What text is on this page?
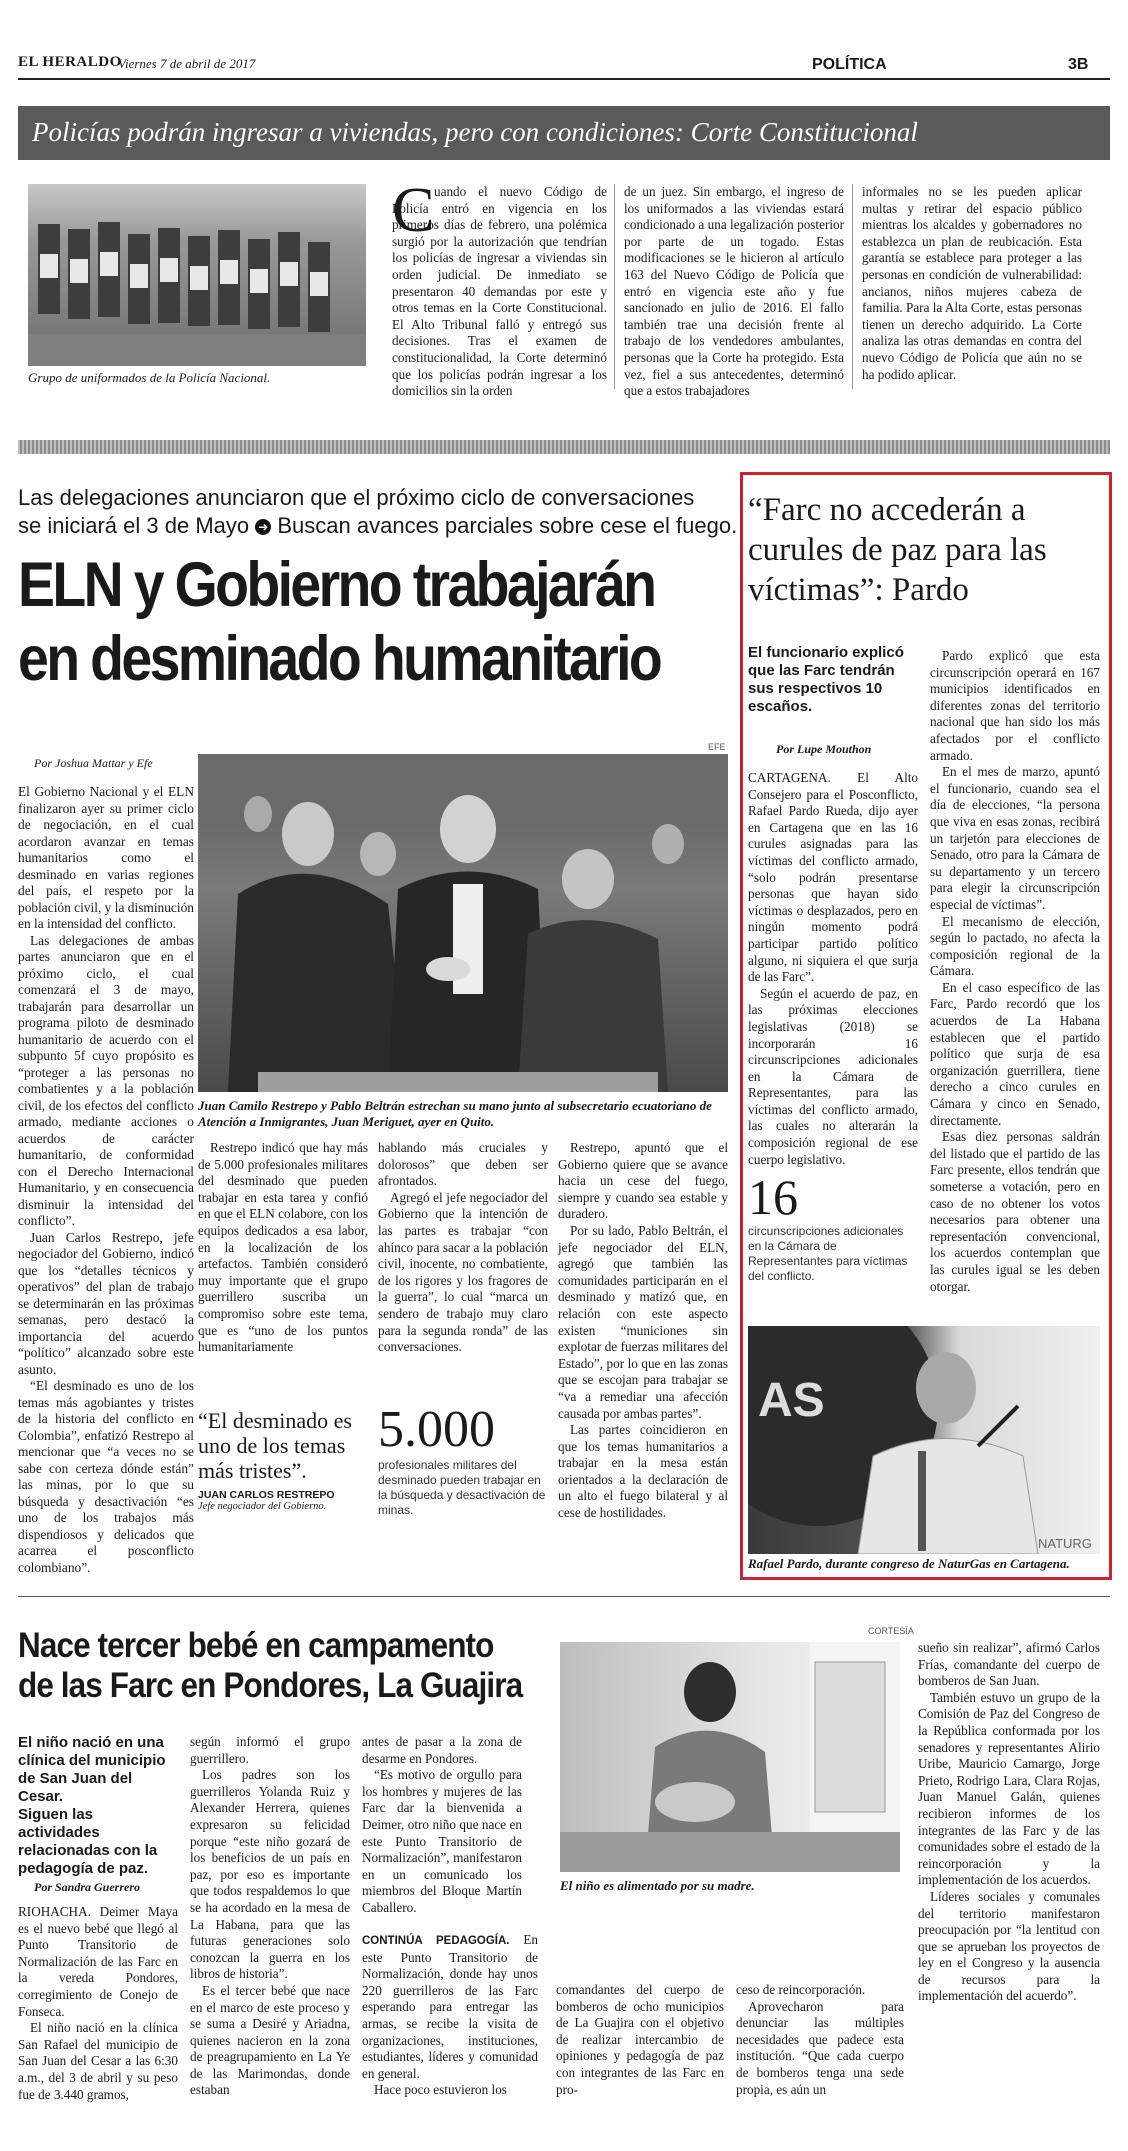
EL HERALDO
Viernes 7 de abril de 2017	POLÍTICA	3B
Policías podrán ingresar a viviendas, pero con condiciones: Corte Constitucional
Grupo de uniformados de la Policía Nacional.
C uando el nuevo Código de Policía entró en vigencia en los primeros días de febrero, una polémica surgió por la autorización que tendrían los policías de ingresar a viviendas sin orden judicial. De inmediato se presentaron 40 demandas por este y otros temas en la Corte Constitucional. El Alto Tribunal falló y entregó sus decisiones. Tras el examen de constitucionalidad, la Corte determinó que los policías podrán ingresar a los domicilios sin la orden
de un juez. Sin embargo, el ingreso de los uniformados a las viviendas estará condicionado a una legalización posterior por parte de un togado. Estas modificaciones se le hicieron al artículo 163 del Nuevo Código de Policía que entró en vigencia este año y fue sancionado en julio de 2016. El fallo también trae una decisión frente al trabajo de los vendedores ambulantes, personas que la Corte ha protegido. Esta vez, fiel a sus antecedentes, determinó que a estos trabajadores
informales no se les pueden aplicar multas y retirar del espacio público mientras los alcaldes y gobernadores no establezca un plan de reubicación. Esta garantía se establece para proteger a las personas en condición de vulnerabilidad: ancianos, niños mujeres cabeza de familia. Para la Alta Corte, estas personas tienen un derecho adquirido. La Corte analiza las otras demandas en contra del nuevo Código de Policía que aún no se ha podido aplicar.
Las delegaciones anunciaron que el próximo ciclo de conversaciones
se iniciará el 3 de Mayo ➜ Buscan avances parciales sobre cese el fuego.
ELN y Gobierno trabajarán
en desminado humanitario
Por Joshua Mattar y Efe
EFE

El Gobierno Nacional y el ELN finalizaron ayer su primer ciclo de negociación, en el cual acordaron avanzar en temas humanitarios como el desminado en varias regiones del país, el respeto por la población civil, y la disminución en la intensidad del conflicto.

Las delegaciones de ambas partes anunciaron que en el próximo ciclo, el cual comenzará el 3 de mayo, trabajarán para desarrollar un programa piloto de desminado humanitario de acuerdo con el subpunto 5f cuyo propósito es “proteger a las personas no combatientes y a la población civil, de los efectos del conflicto armado, mediante acciones o acuerdos de carácter humanitario, de conformidad con el Derecho Internacional Humanitario, y en consecuencia disminuir la intensidad del conflicto”.

Juan Carlos Restrepo, jefe negociador del Gobierno, indicó que los “detalles técnicos y operativos” del plan de trabajo se determinarán en las próximas semanas, pero destacó la importancia del acuerdo “político” alcanzado sobre este asunto.

“El desminado es uno de los temas más agobiantes y tristes de la historia del conflicto en Colombia”, enfatizó Restrepo al mencionar que “a veces no se sabe con certeza dónde están” las minas, por lo que su búsqueda y desactivación “es uno de los trabajos más dispendiosos y delicados que acarrea el posconflicto colombiano”.

Juan Camilo Restrepo y Pablo Beltrán estrechan su mano junto al subsecretario ecuatoriano de Atención a Inmigrantes, Juan Meriguet, ayer en Quito.

Restrepo indicó que hay más de 5.000 profesionales militares del desminado que pueden trabajar en esta tarea y confió en que el ELN colabore, con los equipos dedicados a esa labor, en la localización de los artefactos. También consideró muy importante que el grupo guerrillero suscriba un compromiso sobre este tema, que es “uno de los puntos humanitariamente

hablando más cruciales y dolorosos” que deben ser afrontados.

Agregó el jefe negociador del Gobierno que la intención de las partes es trabajar “con ahínco para sacar a la población civil, inocente, no combatiente, de los rigores y los fragores de la guerra”, lo cual “marca un sendero de trabajo muy claro para la segunda ronda” de las conversaciones.

Restrepo, apuntó que el Gobierno quiere que se avance hacia un cese del fuego, siempre y cuando sea estable y duradero.

Por su lado, Pablo Beltrán, el jefe negociador del ELN, agregó que también las comunidades participarán en el desminado y matizó que, en relación con este aspecto existen “municiones sin explotar de fuerzas militares del Estado”, por lo que en las zonas que se escojan para trabajar se “va a remediar una afección causada por ambas partes”.

Las partes coincidieron en que los temas humanitarios a trabajar en la mesa están orientados a la declaración de un alto el fuego bilateral y al cese de hostilidades.

“El desminado es uno de los temas más tristes”.
JUAN CARLOS RESTREPO
Jefe negociador del Gobierno.
5.000
profesionales militares del desminado pueden trabajar en la búsqueda y desactivación de minas.
“Farc no accederán a curules de paz para las víctimas”: Pardo
El funcionario explicó que las Farc tendrán sus respectivos 10 escaños.
Por Lupe Mouthon

CARTAGENA. El Alto Consejero para el Posconflicto, Rafael Pardo Rueda, dijo ayer en Cartagena que en las 16 curules asignadas para las víctimas del conflicto armado, “solo podrán presentarse personas que hayan sido víctimas o desplazados, pero en ningún momento podrá participar partido político alguno, ni siquiera el que surja de las Farc”.

Según el acuerdo de paz, en las próximas elecciones legislativas (2018) se incorporarán 16 circunscripciones adicionales en la Cámara de Representantes, para las víctimas del conflicto armado, las cuales no alterarán la composición regional de ese cuerpo legislativo.

Pardo explicó que esta circunscripción operará en 167 municipios identificados en diferentes zonas del territorio nacional que han sido los más afectados por el conflicto armado.

En el mes de marzo, apuntó el funcionario, cuando sea el día de elecciones, “la persona que viva en esas zonas, recibirá un tarjetón para elecciones de Senado, otro para la Cámara de su departamento y un tercero para elegir la circunscripción especial de víctimas”.

El mecanismo de elección, según lo pactado, no afecta la composición regional de la Cámara.

En el caso específico de las Farc, Pardo recordó que los acuerdos de La Habana establecen que el partido político que surja de esa organización guerrillera, tiene derecho a cinco curules en Cámara y cinco en Senado, directamente.

Esas diez personas saldrán del listado que el partido de las Farc presente, ellos tendrán que someterse a votación, pero en caso de no obtener los votos necesarios para obtener una representación convencional, los acuerdos contemplan que las curules igual se les deben otorgar.

16
circunscripciones adicionales en la Cámara de Representantes para víctimas del conflicto.
AS
NATURG
Rafael Pardo, durante congreso de NaturGas en Cartagena.
Nace tercer bebé en campamento
de las Farc en Pondores, La Guajira
CORTESÍA
El niño nació en una clínica del municipio de San Juan del Cesar.
Siguen las actividades relacionadas con la pedagogía de paz.
Por Sandra Guerrero

RIOHACHA. Deimer Maya es el nuevo bebé que llegó al Punto Transitorio de Normalización de las Farc en la vereda Pondores, corregimiento de Conejo de Fonseca.

El niño nació en la clínica San Rafael del municipio de San Juan del Cesar a las 6:30 a.m., del 3 de abril y su peso fue de 3.440 gramos,

según informó el grupo guerrillero.

Los padres son los guerrilleros Yolanda Ruiz y Alexander Herrera, quienes expresaron su felicidad porque “este niño gozará de los beneficios de un país en paz, por eso es importante que todos respaldemos lo que se ha acordado en la mesa de La Habana, para que las futuras generaciones solo conozcan la guerra en los libros de historia”.

Es el tercer bebé que nace en el marco de este proceso y se suma a Desiré y Ariadna, quienes nacieron en la zona de preagrupamiento en La Ye de las Marimondas, donde estaban

antes de pasar a la zona de desarme en Pondores.

“Es motivo de orgullo para los hombres y mujeres de las Farc dar la bienvenida a Deimer, otro niño que nace en este Punto Transitorio de Normalización”, manifestaron en un comunicado los miembros del Bloque Martín Caballero.

El niño es alimentado por su madre.

CONTINÚA PEDAGOGÍA. En este Punto Transitorio de Normalización, donde hay unos 220 guerrilleros de las Farc esperando para entregar las armas, se recibe la visita de organizaciones, instituciones, estudiantes, líderes y comunidad en general.

Hace poco estuvieron los

comandantes del cuerpo de bomberos de ocho municipios de La Guajira con el objetivo de realizar intercambio de opiniones y pedagogía de paz con integrantes de las Farc en pro-

ceso de reincorporación.

Aprovecharon para denunciar las múltiples necesidades que padece esta institución. “Que cada cuerpo de bomberos tenga una sede propia, es aún un

sueño sin realizar”, afirmó Carlos Frías, comandante del cuerpo de bomberos de San Juan.

También estuvo un grupo de la Comisión de Paz del Congreso de la República conformada por los senadores y representantes Alirio Uribe, Mauricio Camargo, Jorge Prieto, Rodrigo Lara, Clara Rojas, Juan Manuel Galán, quienes recibieron informes de los integrantes de las Farc y de las comunidades sobre el estado de la reincorporación y la implementación de los acuerdos.

Líderes sociales y comunales del territorio manifestaron preocupación por “la lentitud con que se aprueban los proyectos de ley en el Congreso y la ausencia de recursos para la implementación del acuerdo”.
